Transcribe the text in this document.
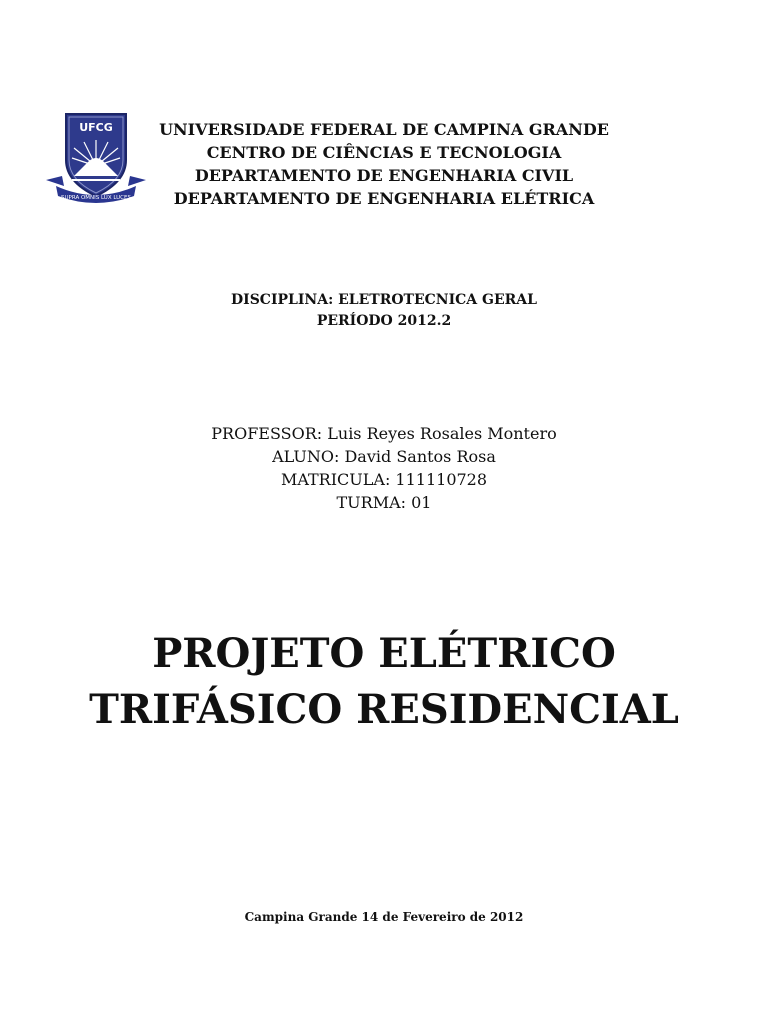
UFCG
SUPRA OMNIS LUX LUCES
UNIVERSIDADE FEDERAL DE CAMPINA GRANDE
CENTRO DE CIÊNCIAS E TECNOLOGIA
DEPARTAMENTO DE ENGENHARIA CIVIL
DEPARTAMENTO DE ENGENHARIA ELÉTRICA
DISCIPLINA: ELETROTECNICA GERAL
PERÍODO 2012.2
PROFESSOR: Luis Reyes Rosales Montero
ALUNO: David Santos Rosa
MATRICULA: 111110728
TURMA: 01
PROJETO ELÉTRICO
TRIFÁSICO RESIDENCIAL
Campina Grande 14 de Fevereiro de 2012
